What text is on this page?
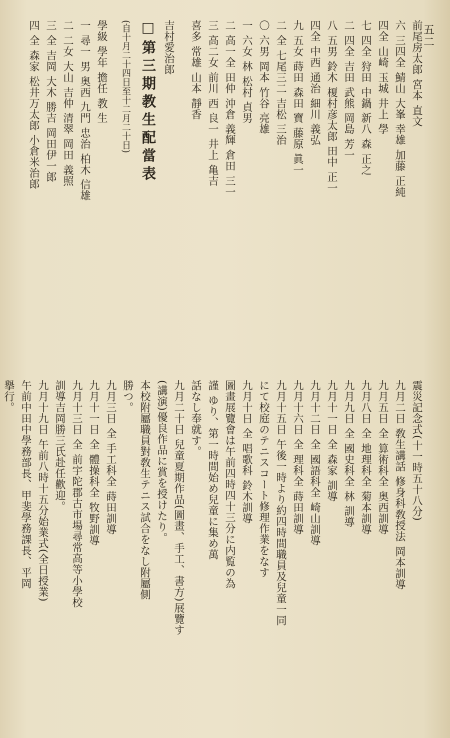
五二
前尾房太郎 宮本 直文
六 三四全 鯖山 大峯 幸雄 加藤 正純
四全 山崎 玉城 井上 學
七 四全 狩田 中鍋 新八 森 正之
二 四全 吉田 武熊 岡島 芳一
八 五男 鈴木 榎村彦太郎 田中 正一
四全 中西 通治 細川 義弘
九 五女 蒔田 森田 寶 藤原 眞一
二 全 七尾三二 吉松 三治
〇 六男 岡本 竹谷 亮雄
一 六女 林 松村 貞男
二 高一全 田仲 沖倉 義輝 倉田 三一
三 高二女 前川 西 良一 井上 亀吉
喜多 常雄 山本 靜香
吉村愛治郎
□第三期教生配當表
(自十月二十四日至十二月二十日)
學級 學年 擔任 教 生
一 尋一 男 奥西 九門 忠治 柏木 信雄
二 二女 大山 吉仲 清翠 岡田 義照
三 全 吉岡 大木 勝吉 岡田伊一郎
四 全 森家 松井万太郎 小倉米治郎
震災記念式(十一時五十八分)
九月二日 敎生講話 修身科敎授法 岡本訓導
九月五日 全 算術科全 奥西訓導
九月八日 全 地理科全 菊本訓導
九月九日 全 國史科全 林 訓導
九月十一日 全 森家 訓導
九月十二日 全 國語科全 崎山訓導
九月十六日 全 理科全 蒔田訓導
九月十五日 午後一時より約四時間職員及兒童一同
にて校庭のテニスコート修理作業をなす
九月十日 全 唱歌科 鈴木訓導
圖畫展覽會は午前四時四十三分に内覧の為
謹 ゆり、第一時間始め兒童に集め萬
話なし奉就す。
九月二十日 兒童夏期作品(圖畫、手工、書方)展覽す
(講演)優良作品に賞を授けたり。
本校附屬職員對敎生テニス試合をなし附屬側
勝つ。
九月三日 全 手工科全 蒔田訓導
九月十一日 全 體操科全 牧野訓導
九月十三日 全 前宇陀郡古市場尋常高等小學校
訓導吉岡勝三氏赴任歡迎。
九月十九日 午前八時十五分始業式(全日授業)
午前中田中學務部長、甲斐學務課長、平岡
擧行。
